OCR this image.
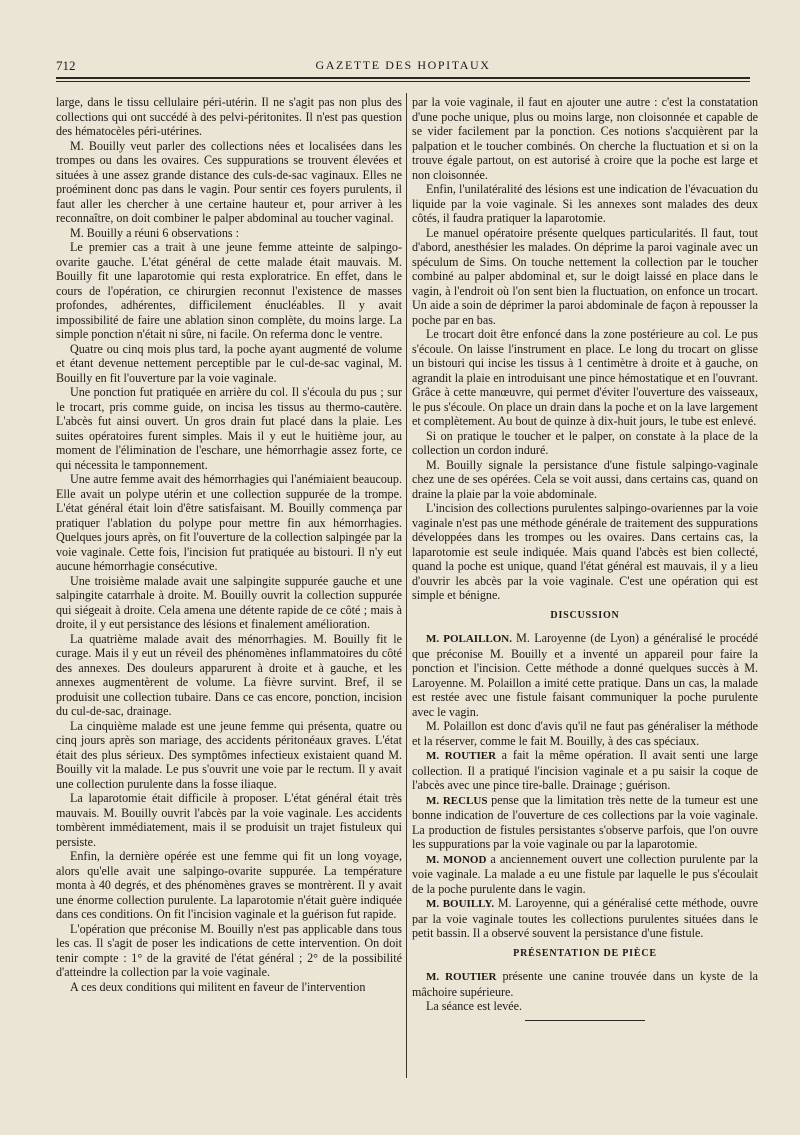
712	GAZETTE DES HOPITAUX

large, dans le tissu cellulaire péri-utérin. Il ne s'agit pas non plus des collections qui ont succédé à des pelvi-péritonites. Il n'est pas question des hématocèles péri-utérines.

M. Bouilly veut parler des collections nées et localisées dans les trompes ou dans les ovaires. Ces suppurations se trouvent élevées et situées à une assez grande distance des culs-de-sac vaginaux. Elles ne proéminent donc pas dans le vagin. Pour sentir ces foyers purulents, il faut aller les chercher à une certaine hauteur et, pour arriver à les reconnaître, on doit combiner le palper abdominal au toucher vaginal.

M. Bouilly a réuni 6 observations :

Le premier cas a trait à une jeune femme atteinte de salpingo-ovarite gauche. L'état général de cette malade était mauvais. M. Bouilly fit une laparotomie qui resta exploratrice. En effet, dans le cours de l'opération, ce chirurgien reconnut l'existence de masses profondes, adhérentes, difficilement énucléables. Il y avait impossibilité de faire une ablation sinon complète, du moins large. La simple ponction n'était ni sûre, ni facile. On referma donc le ventre.

Quatre ou cinq mois plus tard, la poche ayant augmenté de volume et étant devenue nettement perceptible par le cul-de-sac vaginal, M. Bouilly en fit l'ouverture par la voie vaginale.

Une ponction fut pratiquée en arrière du col. Il s'écoula du pus ; sur le trocart, pris comme guide, on incisa les tissus au thermo-cautère. L'abcès fut ainsi ouvert. Un gros drain fut placé dans la plaie. Les suites opératoires furent simples. Mais il y eut le huitième jour, au moment de l'élimination de l'eschare, une hémorrhagie assez forte, ce qui nécessita le tamponnement.

Une autre femme avait des hémorrhagies qui l'anémiaient beaucoup. Elle avait un polype utérin et une collection suppurée de la trompe. L'état général était loin d'être satisfaisant. M. Bouilly commença par pratiquer l'ablation du polype pour mettre fin aux hémorrhagies. Quelques jours après, on fit l'ouverture de la collection salpingée par la voie vaginale. Cette fois, l'incision fut pratiquée au bistouri. Il n'y eut aucune hémorrhagie consécutive.

Une troisième malade avait une salpingite suppurée gauche et une salpingite catarrhale à droite. M. Bouilly ouvrit la collection suppurée qui siégeait à droite. Cela amena une détente rapide de ce côté ; mais à droite, il y eut persistance des lésions et finalement amélioration.

La quatrième malade avait des ménorrhagies. M. Bouilly fit le curage. Mais il y eut un réveil des phénomènes inflammatoires du côté des annexes. Des douleurs apparurent à droite et à gauche, et les annexes augmentèrent de volume. La fièvre survint. Bref, il se produisit une collection tubaire. Dans ce cas encore, ponction, incision du cul-de-sac, drainage.

La cinquième malade est une jeune femme qui présenta, quatre ou cinq jours après son mariage, des accidents péritonéaux graves. L'état était des plus sérieux. Des symptômes infectieux existaient quand M. Bouilly vit la malade. Le pus s'ouvrit une voie par le rectum. Il y avait une collection purulente dans la fosse iliaque.

La laparotomie était difficile à proposer. L'état général était très mauvais. M. Bouilly ouvrit l'abcès par la voie vaginale. Les accidents tombèrent immédiatement, mais il se produisit un trajet fistuleux qui persiste.

Enfin, la dernière opérée est une femme qui fit un long voyage, alors qu'elle avait une salpingo-ovarite suppurée. La température monta à 40 degrés, et des phénomènes graves se montrèrent. Il y avait une énorme collection purulente. La laparotomie n'était guère indiquée dans ces conditions. On fit l'incision vaginale et la guérison fut rapide.

L'opération que préconise M. Bouilly n'est pas applicable dans tous les cas. Il s'agit de poser les indications de cette intervention. On doit tenir compte : 1° de la gravité de l'état général ; 2° de la possibilité d'atteindre la collection par la voie vaginale.

A ces deux conditions qui militent en faveur de l'intervention

par la voie vaginale, il faut en ajouter une autre : c'est la constatation d'une poche unique, plus ou moins large, non cloisonnée et capable de se vider facilement par la ponction. Ces notions s'acquièrent par la palpation et le toucher combinés. On cherche la fluctuation et si on la trouve égale partout, on est autorisé à croire que la poche est large et non cloisonnée.

Enfin, l'unilatéralité des lésions est une indication de l'évacuation du liquide par la voie vaginale. Si les annexes sont malades des deux côtés, il faudra pratiquer la laparotomie.

Le manuel opératoire présente quelques particularités. Il faut, tout d'abord, anesthésier les malades. On déprime la paroi vaginale avec un spéculum de Sims. On touche nettement la collection par le toucher combiné au palper abdominal et, sur le doigt laissé en place dans le vagin, à l'endroit où l'on sent bien la fluctuation, on enfonce un trocart. Un aide a soin de déprimer la paroi abdominale de façon à repousser la poche par en bas.

Le trocart doit être enfoncé dans la zone postérieure au col. Le pus s'écoule. On laisse l'instrument en place. Le long du trocart on glisse un bistouri qui incise les tissus à 1 centimètre à droite et à gauche, on agrandit la plaie en introduisant une pince hémostatique et en l'ouvrant. Grâce à cette manœuvre, qui permet d'éviter l'ouverture des vaisseaux, le pus s'écoule. On place un drain dans la poche et on la lave largement et complètement. Au bout de quinze à dix-huit jours, le tube est enlevé.

Si on pratique le toucher et le palper, on constate à la place de la collection un cordon induré.

M. Bouilly signale la persistance d'une fistule salpingo-vaginale chez une de ses opérées. Cela se voit aussi, dans certains cas, quand on draine la plaie par la voie abdominale.

L'incision des collections purulentes salpingo-ovariennes par la voie vaginale n'est pas une méthode générale de traitement des suppurations développées dans les trompes ou les ovaires. Dans certains cas, la laparotomie est seule indiquée. Mais quand l'abcès est bien collecté, quand la poche est unique, quand l'état général est mauvais, il y a lieu d'ouvrir les abcès par la voie vaginale. C'est une opération qui est simple et bénigne.

DISCUSSION

M. POLAILLON. M. Laroyenne (de Lyon) a généralisé le procédé que préconise M. Bouilly et a inventé un appareil pour faire la ponction et l'incision. Cette méthode a donné quelques succès à M. Laroyenne. M. Polaillon a imité cette pratique. Dans un cas, la malade est restée avec une fistule faisant communiquer la poche purulente avec le vagin.

M. Polaillon est donc d'avis qu'il ne faut pas généraliser la méthode et la réserver, comme le fait M. Bouilly, à des cas spéciaux.

M. ROUTIER a fait la même opération. Il avait senti une large collection. Il a pratiqué l'incision vaginale et a pu saisir la coque de l'abcès avec une pince tire-balle. Drainage ; guérison.

M. RECLUS pense que la limitation très nette de la tumeur est une bonne indication de l'ouverture de ces collections par la voie vaginale. La production de fistules persistantes s'observe parfois, que l'on ouvre les suppurations par la voie vaginale ou par la laparotomie.

M. MONOD a anciennement ouvert une collection purulente par la voie vaginale. La malade a eu une fistule par laquelle le pus s'écoulait de la poche purulente dans le vagin.

M. BOUILLY. M. Laroyenne, qui a généralisé cette méthode, ouvre par la voie vaginale toutes les collections purulentes situées dans le petit bassin. Il a observé souvent la persistance d'une fistule.

PRÉSENTATION DE PIÈCE

M. ROUTIER présente une canine trouvée dans un kyste de la mâchoire supérieure.

La séance est levée.
